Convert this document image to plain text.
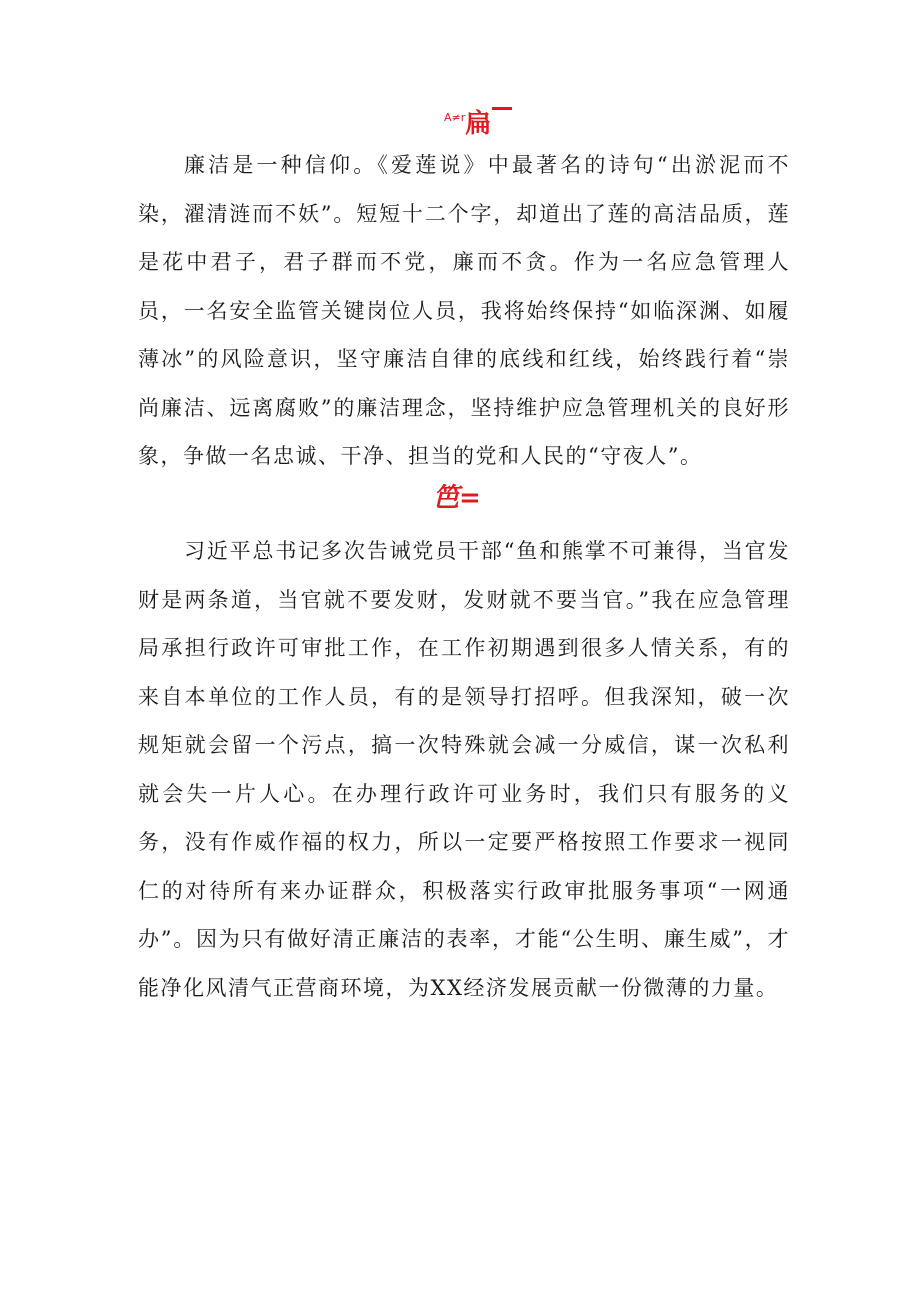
$^{A\ne r}$扁

廉洁是一种信仰。《爱莲说》中最著名的诗句“出淤泥而不染，濯清涟而不妖”。短短十二个字，却道出了莲的高洁品质，莲是花中君子，君子群而不党，廉而不贪。作为一名应急管理人员，一名安全监管关键岗位人员，我将始终保持“如临深渊、如履薄冰”的风险意识，坚守廉洁自律的底线和红线，始终践行着“崇尚廉洁、远离腐败”的廉洁理念，坚持维护应急管理机关的良好形象，争做一名忠诚、干净、担当的党和人民的“守夜人”。

笆=

习近平总书记多次告诫党员干部“鱼和熊掌不可兼得，当官发财是两条道，当官就不要发财，发财就不要当官。”我在应急管理局承担行政许可审批工作，在工作初期遇到很多人情关系，有的来自本单位的工作人员，有的是领导打招呼。但我深知，破一次规矩就会留一个污点，搞一次特殊就会减一分威信，谋一次私利就会失一片人心。在办理行政许可业务时，我们只有服务的义务，没有作威作福的权力，所以一定要严格按照工作要求一视同仁的对待所有来办证群众，积极落实行政审批服务事项“一网通办”。因为只有做好清正廉洁的表率，才能“公生明、廉生威”，才能净化风清气正营商环境，为XX经济发展贡献一份微薄的力量。
